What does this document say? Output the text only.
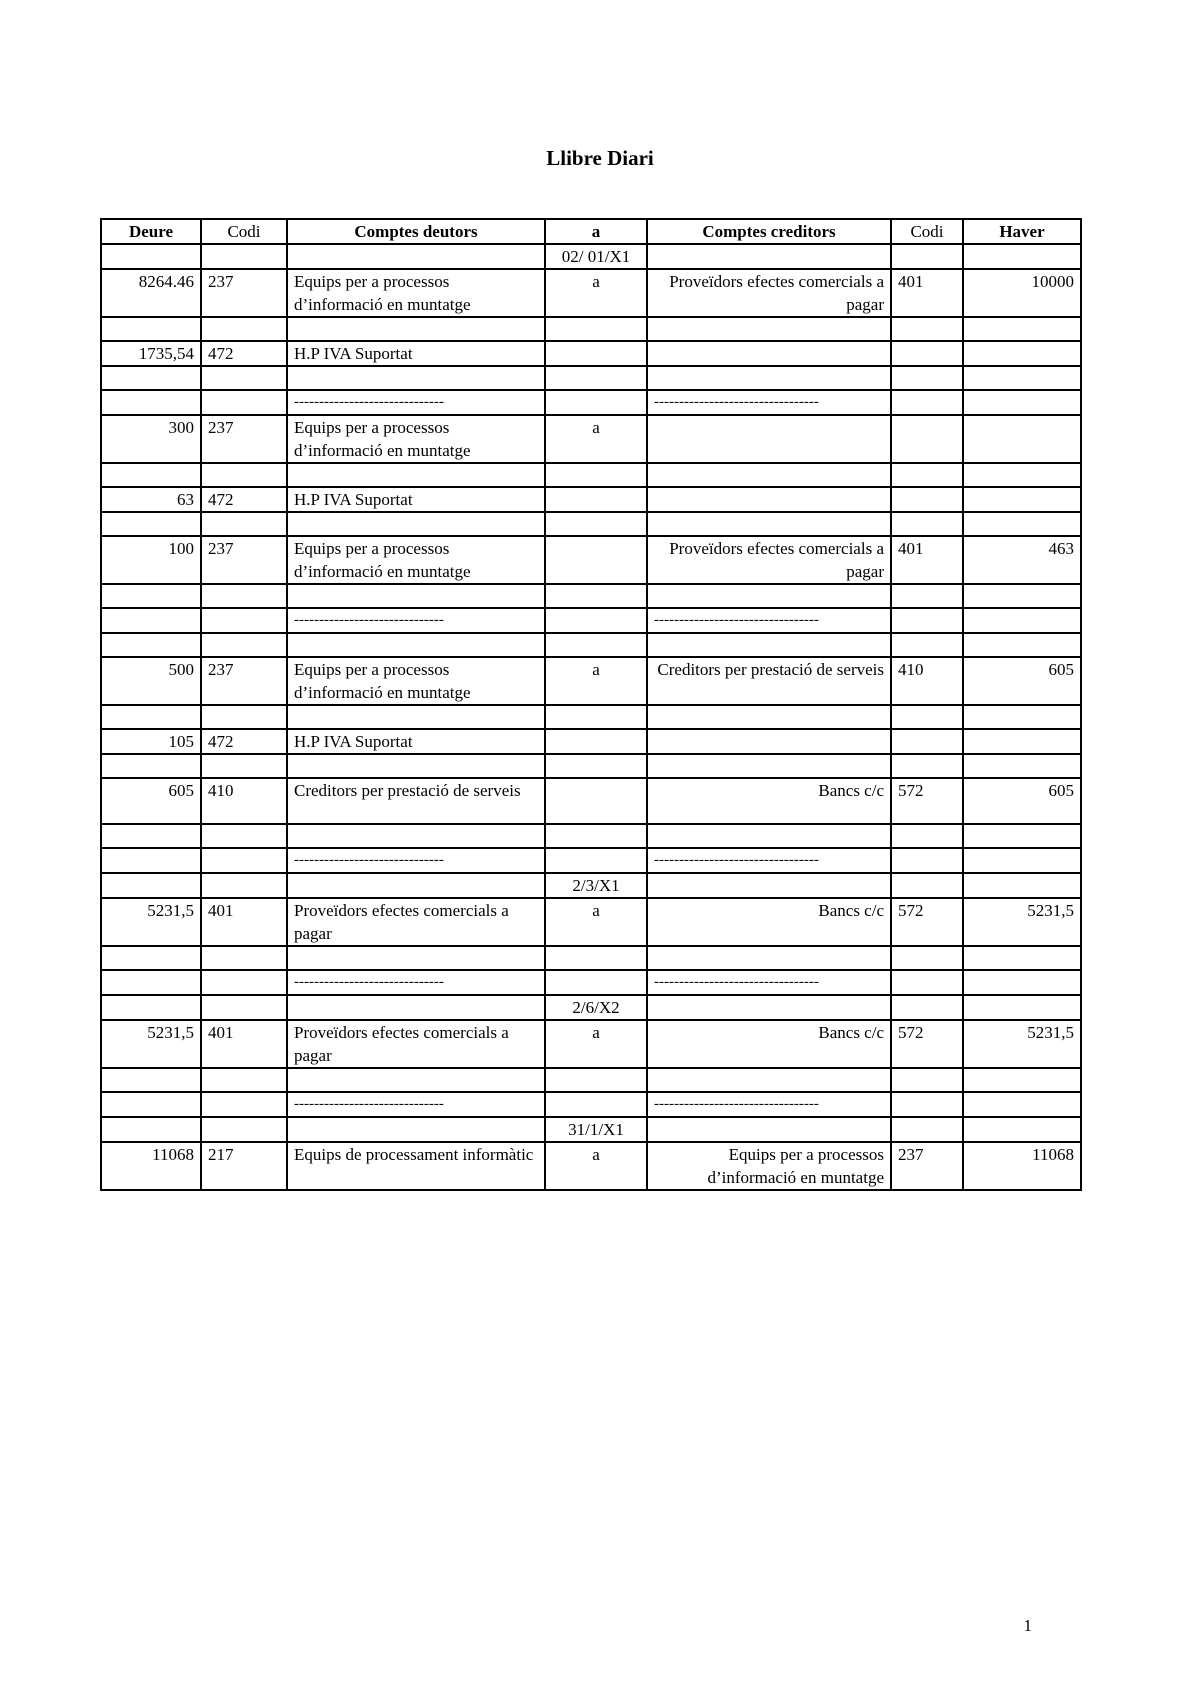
Llibre Diari
Deure	Codi	Comptes deutors	a	Comptes creditors	Codi	Haver
			02/ 01/X1			
8264.46	237	Equips per a processos d’informació en muntatge	a	Proveïdors efectes comercials a pagar	401	10000

1735,54	472	H.P IVA Suportat				

		------------------------------		---------------------------------		
300	237	Equips per a processos d’informació en muntatge	a			

63	472	H.P IVA Suportat				

100	237	Equips per a processos d’informació en muntatge		Proveïdors efectes comercials a pagar	401	463

		------------------------------		---------------------------------		

500	237	Equips per a processos d’informació en muntatge	a	Creditors per prestació de serveis	410	605

105	472	H.P IVA Suportat				

605	410	Creditors per prestació de serveis		Bancs c/c	572	605

		------------------------------		---------------------------------		
			2/3/X1			
5231,5	401	Proveïdors efectes comercials a pagar	a	Bancs c/c	572	5231,5

		------------------------------		---------------------------------		
			2/6/X2			
5231,5	401	Proveïdors efectes comercials a pagar	a	Bancs c/c	572	5231,5

		------------------------------		---------------------------------		
			31/1/X1			
11068	217	Equips de processament informàtic	a	Equips per a processos d’informació en muntatge	237	11068
1
